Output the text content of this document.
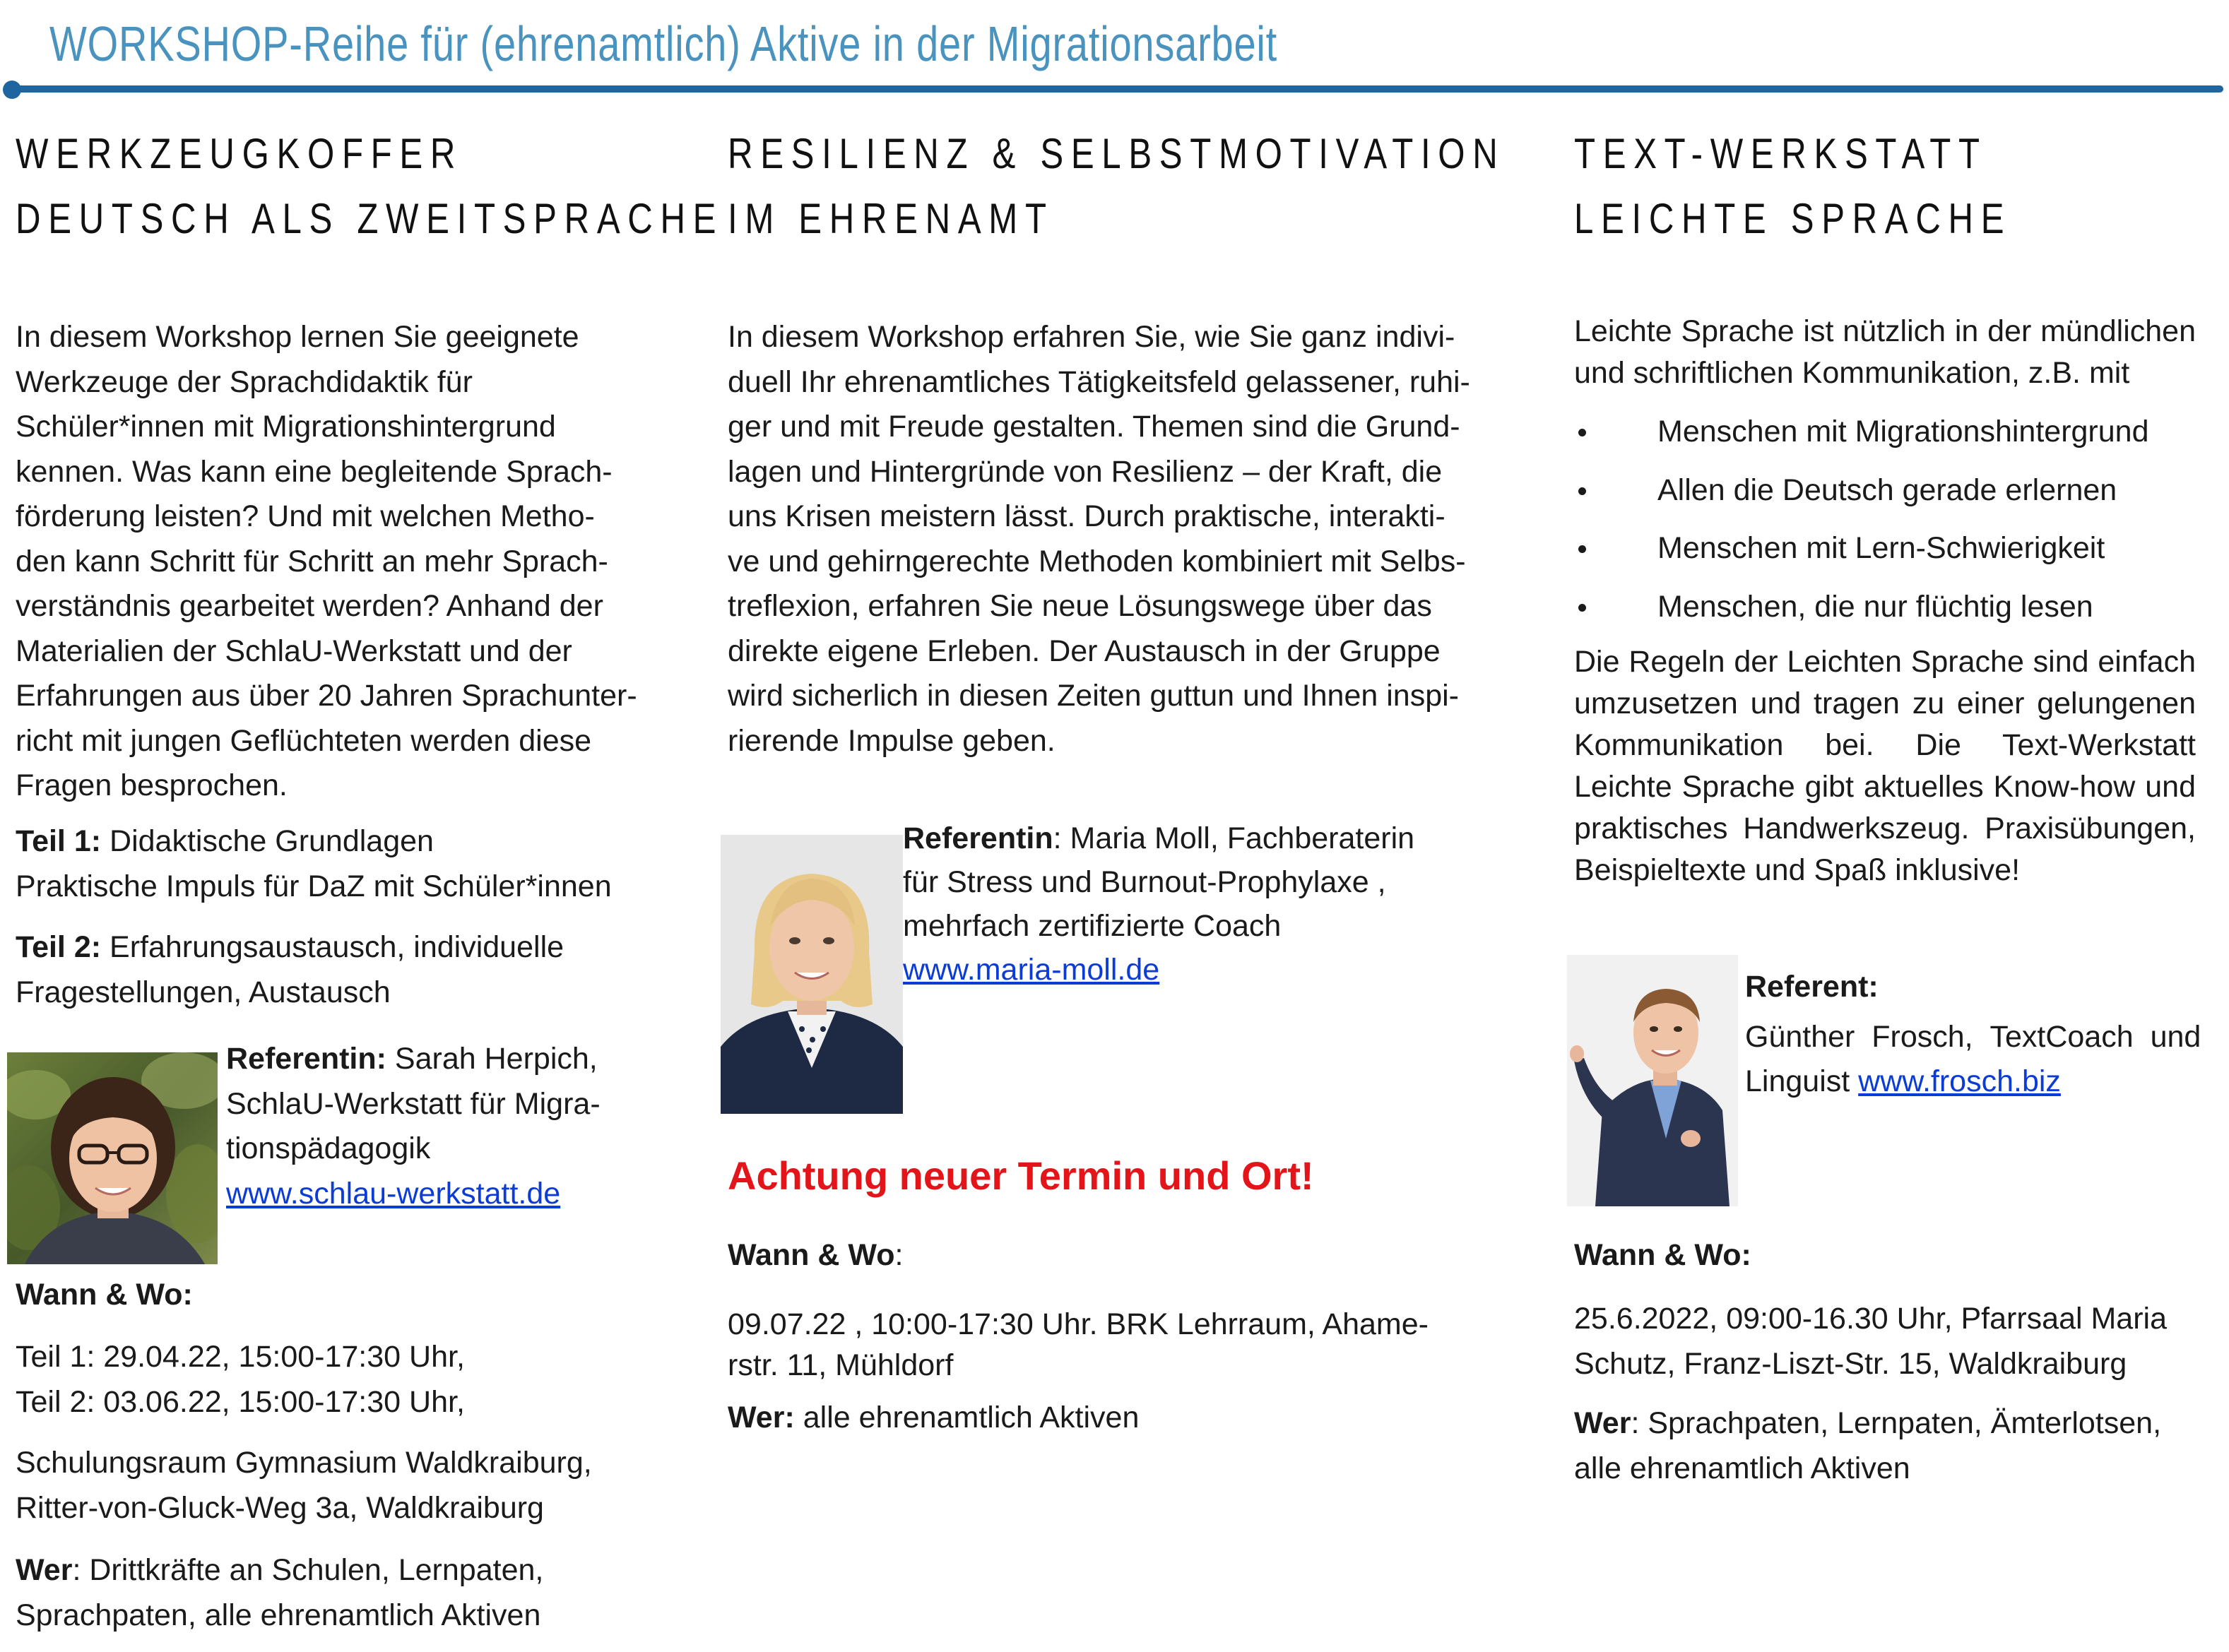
WORKSHOP-Reihe für (ehrenamtlich) Aktive in der Migrationsarbeit
WERKZEUGKOFFER
DEUTSCH ALS ZWEITSPRACHE
In diesem Workshop lernen Sie geeignete
Werkzeuge der Sprachdidaktik für
Schüler*innen mit Migrationshintergrund
kennen. Was kann eine begleitende Sprach-
förderung leisten? Und mit welchen Metho-
den kann Schritt für Schritt an mehr Sprach-
verständnis gearbeitet werden? Anhand der
Materialien der SchlaU-Werkstatt und der
Erfahrungen aus über 20 Jahren Sprachunter-
richt mit jungen Geflüchteten werden diese
Fragen besprochen.
Teil 1: Didaktische Grundlagen
Praktische Impuls für DaZ mit Schüler*innen
Teil 2: Erfahrungsaustausch, individuelle
Fragestellungen, Austausch
Referentin: Sarah Herpich,
SchlaU-Werkstatt für Migra-
tionspädagogik
www.schlau-werkstatt.de
Wann & Wo:
Teil 1: 29.04.22, 15:00-17:30 Uhr,
Teil 2: 03.06.22, 15:00-17:30 Uhr,
Schulungsraum Gymnasium Waldkraiburg,
Ritter-von-Gluck-Weg 3a, Waldkraiburg
Wer: Drittkräfte an Schulen, Lernpaten,
Sprachpaten, alle ehrenamtlich Aktiven
RESILIENZ & SELBSTMOTIVATION
IM EHRENAMT
In diesem Workshop erfahren Sie, wie Sie ganz indivi-
duell Ihr ehrenamtliches Tätigkeitsfeld gelassener, ruhi-
ger und mit Freude gestalten. Themen sind die Grund-
lagen und Hintergründe von Resilienz – der Kraft, die
uns Krisen meistern lässt. Durch praktische, interakti-
ve und gehirngerechte Methoden kombiniert mit Selbs-
treflexion, erfahren Sie neue Lösungswege über das
direkte eigene Erleben. Der Austausch in der Gruppe
wird sicherlich in diesen Zeiten guttun und Ihnen inspi-
rierende Impulse geben.
Referentin: Maria Moll, Fachberaterin
für Stress und Burnout-Prophylaxe ,
mehrfach zertifizierte Coach
www.maria-moll.de
Achtung neuer Termin und Ort!
Wann & Wo:
09.07.22 , 10:00-17:30 Uhr. BRK Lehrraum, Ahame-
rstr. 11, Mühldorf
Wer: alle ehrenamtlich Aktiven
TEXT-WERKSTATT
LEICHTE SPRACHE
Leichte Sprache ist nützlich in der mündlichen und schriftlichen Kommunikation, z.B. mit
Menschen mit Migrationshintergrund
Allen die Deutsch gerade erlernen
Menschen mit Lern-Schwierigkeit
Menschen, die nur flüchtig lesen
Die Regeln der Leichten Sprache sind einfach umzusetzen und tragen zu einer gelungenen Kommunikation bei. Die Text-Werkstatt Leichte Sprache gibt aktuelles Know-how und praktisches Handwerkszeug. Praxisübungen, Beispieltexte und Spaß inklusive!
Referent:
Günther  Frosch,  TextCoach  und
Linguist www.frosch.biz
Wann & Wo:
25.6.2022, 09:00-16.30 Uhr, Pfarrsaal Maria
Schutz, Franz-Liszt-Str. 15, Waldkraiburg
Wer: Sprachpaten, Lernpaten, Ämterlotsen,
alle ehrenamtlich Aktiven
